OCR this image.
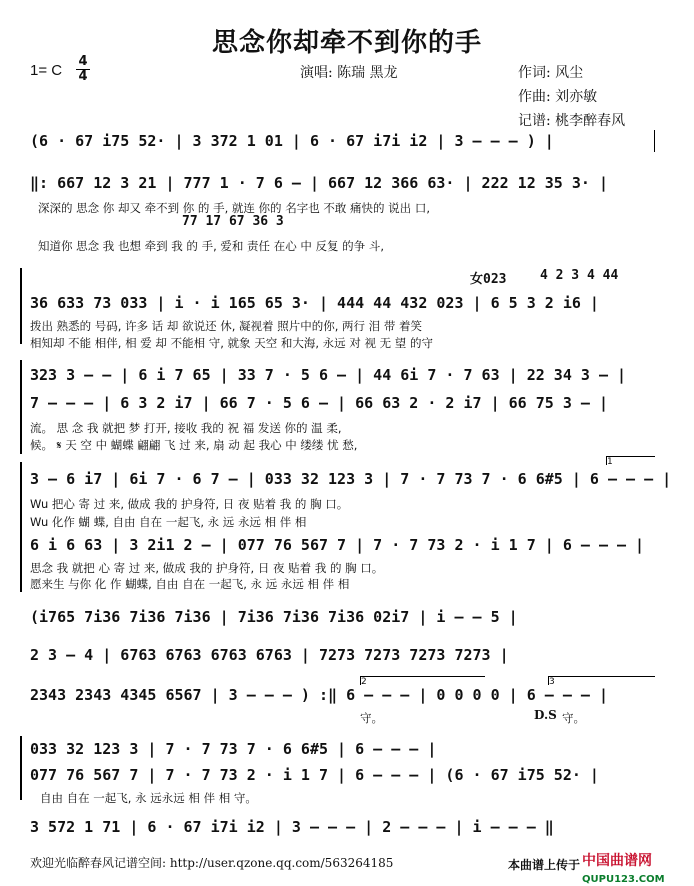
思念你却牵不到你的手
1= C
4
4	演唱: 陈瑞 黑龙	作词: 风尘
作曲: 刘亦敏
记谱: 桃李醉春风
(6 · 67 i75 52· | 3 372 1 01 | 6 · 67 i7i i2 | 3 – – – ) |
‖: 667 12 3 21 | 777 1 · 7 6 – | 667 12 366 63· | 222 12 35 3· |
深深的 思念 你 却又 牵不到 你 的 手, 就连 你的 名字也 不敢 痛快的 说出 口,
77 17 67 36 3
知道你 思念 我 也想 牵到 我 的 手, 爱和 责任 在心 中 反复 的争 斗,
女023	4 2 3 4 44
36 633 73 033 | i · i 165 65 3· | 444 44 432 023 | 6 5 3 2 i6 |
拨出 熟悉的 号码, 许多 话 却 欲说还 休, 凝视着 照片中的你, 两行 泪 带 着笑
相知却 不能 相伴, 相 爱 却 不能相 守, 就象 天空 和大海, 永远 对 视 无 望 的守
323 3 – – | 6 i 7 65 | 33 7 · 5 6 – | 44 6i 7 · 7 63 | 22 34 3 – |
7 – – – | 6 3 2 i7 | 66 7 · 5 6 – | 66 63 2 · 2 i7 | 66 75 3 – |
流。 思 念 我 就把 梦 打开, 接收 我的 祝 福 发送 你的 温 柔,
候。 𝄋 天 空 中 蝴蝶 翩翩 飞 过 来, 扇 动 起 我心 中 缕缕 忧 愁,
1
3 – 6 i7 | 6i 7 · 6 7 – | 033 32 123 3 | 7 · 7 73 7 · 6 6#5 | 6 – – – |
Wu 把心 寄 过 来, 做成 我的 护身符, 日 夜 贴着 我 的 胸 口。
Wu 化作 蝴 蝶, 自由 自在 一起飞, 永 远 永远 相 伴 相
6 i 6 63 | 3 2i1 2 – | 077 76 567 7 | 7 · 7 73 2 · i 1 7 | 6 – – – |
思念 我 就把 心 寄 过 来, 做成 我的 护身符, 日 夜 贴着 我 的 胸 口。
愿来生 与你 化 作 蝴蝶, 自由 自在 一起飞, 永 远 永远 相 伴 相
(i765 7i36 7i36 7i36 | 7i36 7i36 7i36 02i7 | i – – 5 |
2 3 – 4 | 6763 6763 6763 6763 | 7273 7273 7273 7273 |
2	3
2343 2343 4345 6567 | 3 – – – ) :‖ 6 – – – | 0 0 0 0 | 6 – – – |
守。	D.S 守。
033 32 123 3 | 7 · 7 73 7 · 6 6#5 | 6 – – – |
077 76 567 7 | 7 · 7 73 2 · i 1 7 | 6 – – – | (6 · 67 i75 52· |
自由 自在 一起飞, 永 远永远 相 伴 相 守。
3 572 1 71 | 6 · 67 i7i i2 | 3 – – – | 2 – – – | i – – – ‖
欢迎光临醉春风记谱空间: http://user.qzone.qq.com/563264185	本曲谱上传于 中国曲谱网
QUPU123.COM
